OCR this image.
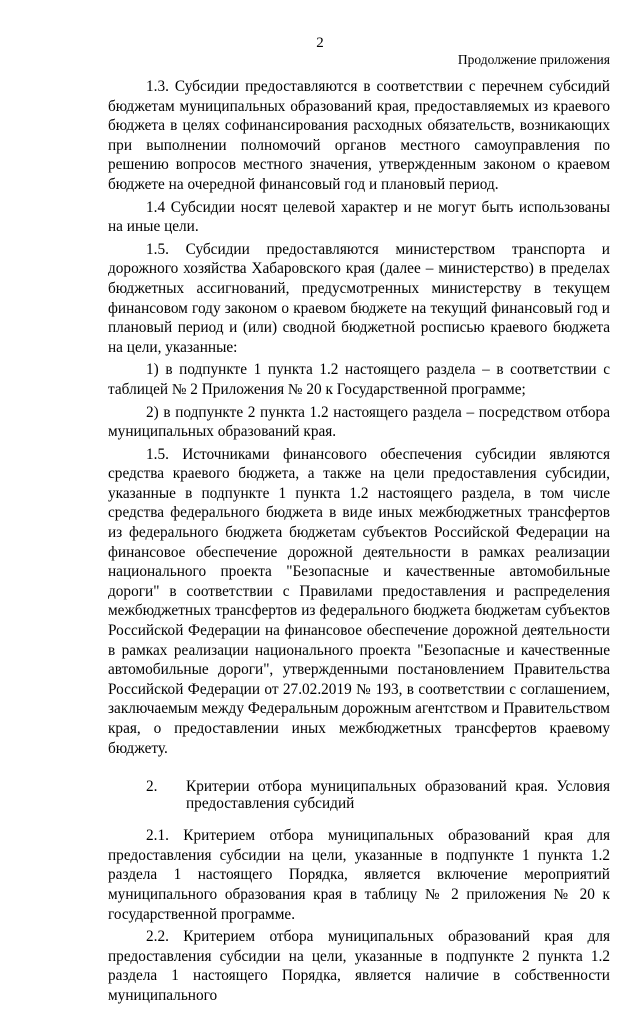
2
Продолжение приложения

1.3. Субсидии предоставляются в соответствии с перечнем субсидий бюджетам муниципальных образований края, предоставляемых из краевого бюджета в целях софинансирования расходных обязательств, возникающих при выполнении полномочий органов местного самоуправления по решению вопросов местного значения, утвержденным законом о краевом бюджете на очередной финансовый год и плановый период.

1.4 Субсидии носят целевой характер и не могут быть использованы на иные цели.

1.5. Субсидии предоставляются министерством транспорта и дорожного хозяйства Хабаровского края (далее – министерство) в пределах бюджетных ассигнований, предусмотренных министерству в текущем финансовом году законом о краевом бюджете на текущий финансовый год и плановый период и (или) сводной бюджетной росписью краевого бюджета на цели, указанные:

1) в подпункте 1 пункта 1.2 настоящего раздела – в соответствии с таблицей № 2 Приложения № 20 к Государственной программе;

2) в подпункте 2 пункта 1.2 настоящего раздела – посредством отбора муниципальных образований края.

1.5. Источниками финансового обеспечения субсидии являются средства краевого бюджета, а также на цели предоставления субсидии, указанные в подпункте 1 пункта 1.2 настоящего раздела, в том числе средства федерального бюджета в виде иных межбюджетных трансфертов из федерального бюджета бюджетам субъектов Российской Федерации на финансовое обеспечение дорожной деятельности в рамках реализации национального проекта "Безопасные и качественные автомобильные дороги" в соответствии с Правилами предоставления и распределения межбюджетных трансфертов из федерального бюджета бюджетам субъектов Российской Федерации на финансовое обеспечение дорожной деятельности в рамках реализации национального проекта "Безопасные и качественные автомобильные дороги", утвержденными постановлением Правительства Российской Федерации от 27.02.2019 № 193, в соответствии с соглашением, заключаемым между Федеральным дорожным агентством и Правительством края, о предоставлении иных межбюджетных трансфертов краевому бюджету.

2. Критерии отбора муниципальных образований края. Условия предоставления субсидий

2.1. Критерием отбора муниципальных образований края для предоставления субсидии на цели, указанные в подпункте 1 пункта 1.2 раздела 1 настоящего Порядка, является включение мероприятий муниципального образования края в таблицу № 2 приложения № 20 к государственной программе.

2.2. Критерием отбора муниципальных образований края для предоставления субсидии на цели, указанные в подпункте 2 пункта 1.2 раздела 1 настоящего Порядка, является наличие в собственности муниципального
